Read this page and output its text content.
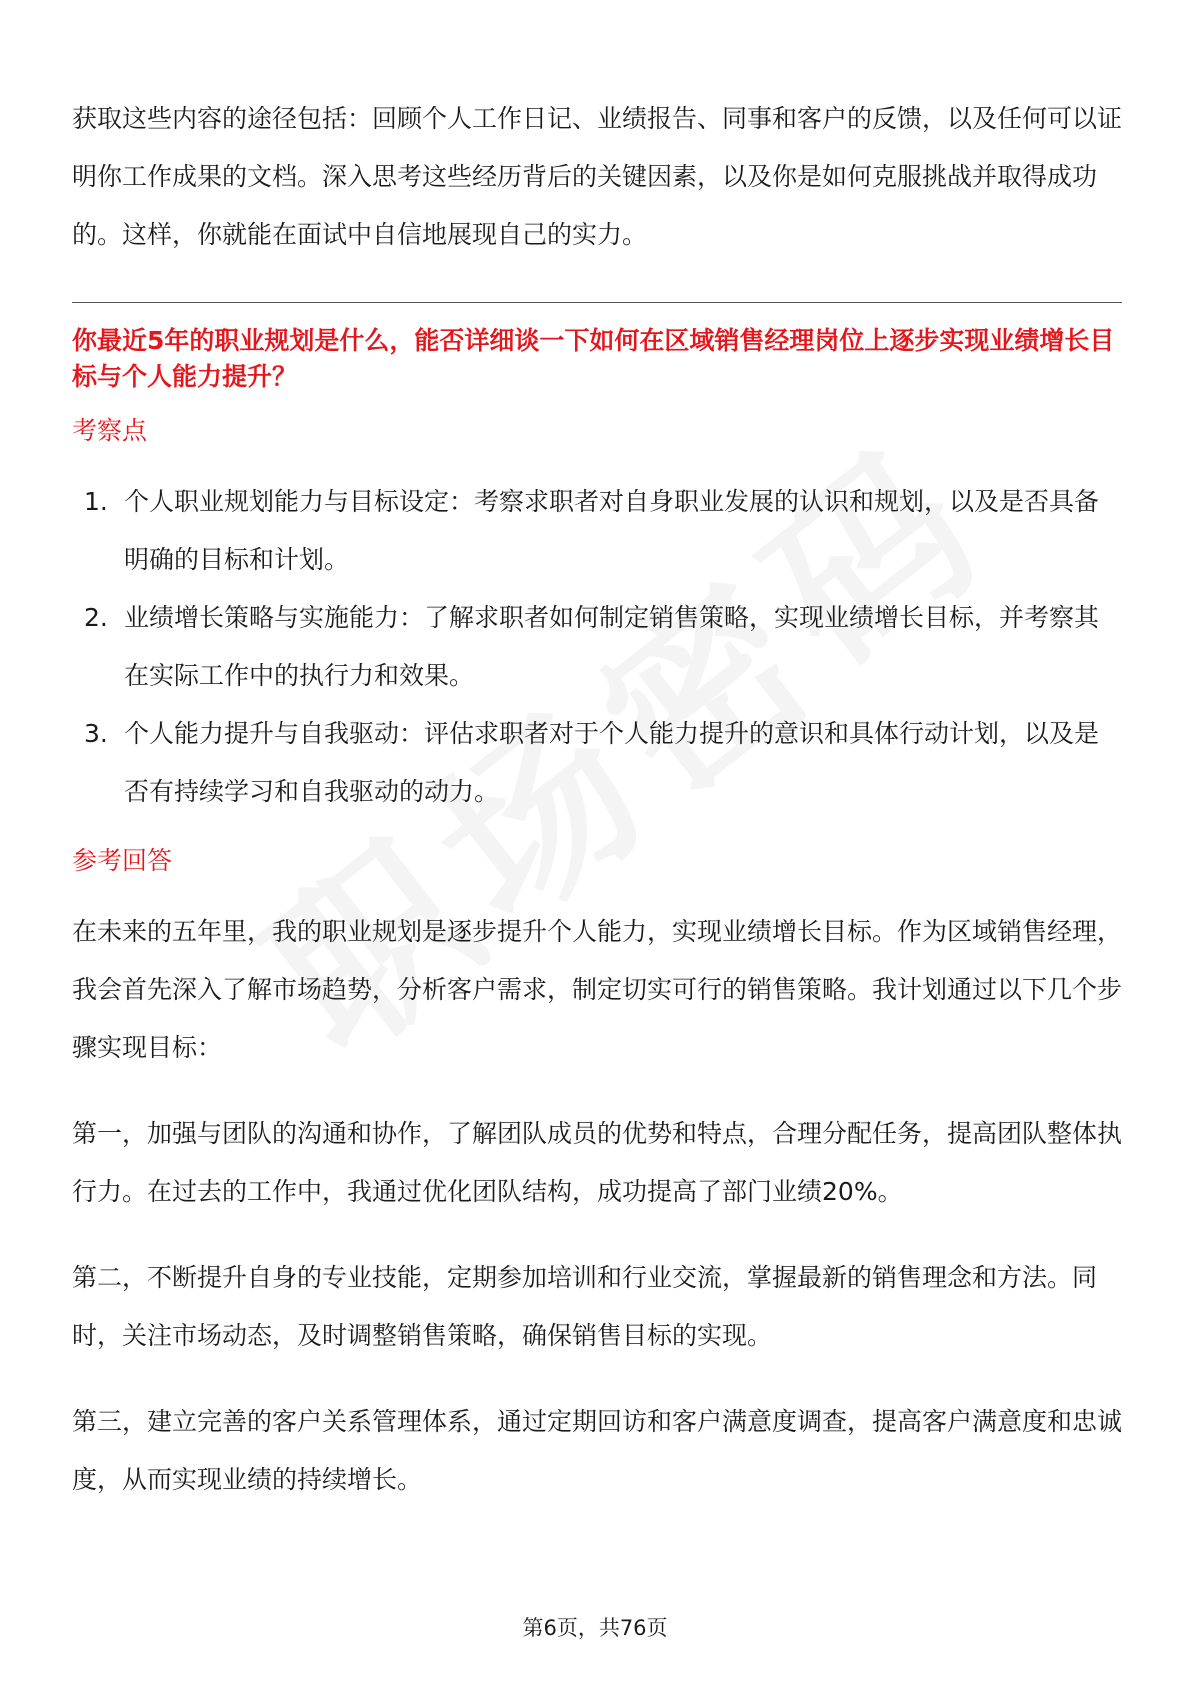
获取这些内容的途径包括：回顾个人工作日记、业绩报告、同事和客户的反馈，以及任何可以证明你工作成果的文档。深入思考这些经历背后的关键因素，以及你是如何克服挑战并取得成功的。这样，你就能在面试中自信地展现自己的实力。

你最近5年的职业规划是什么，能否详细谈一下如何在区域销售经理岗位上逐步实现业绩增长目标与个人能力提升？

考察点

1. 个人职业规划能力与目标设定：考察求职者对自身职业发展的认识和规划，以及是否具备明确的目标和计划。
2. 业绩增长策略与实施能力：了解求职者如何制定销售策略，实现业绩增长目标，并考察其在实际工作中的执行力和效果。
3. 个人能力提升与自我驱动：评估求职者对于个人能力提升的意识和具体行动计划，以及是否有持续学习和自我驱动的动力。

参考回答

在未来的五年里，我的职业规划是逐步提升个人能力，实现业绩增长目标。作为区域销售经理，我会首先深入了解市场趋势，分析客户需求，制定切实可行的销售策略。我计划通过以下几个步骤实现目标：

第一，加强与团队的沟通和协作，了解团队成员的优势和特点，合理分配任务，提高团队整体执行力。在过去的工作中，我通过优化团队结构，成功提高了部门业绩20%。

第二，不断提升自身的专业技能，定期参加培训和行业交流，掌握最新的销售理念和方法。同时，关注市场动态，及时调整销售策略，确保销售目标的实现。

第三，建立完善的客户关系管理体系，通过定期回访和客户满意度调查，提高客户满意度和忠诚度，从而实现业绩的持续增长。

第6页，共76页
